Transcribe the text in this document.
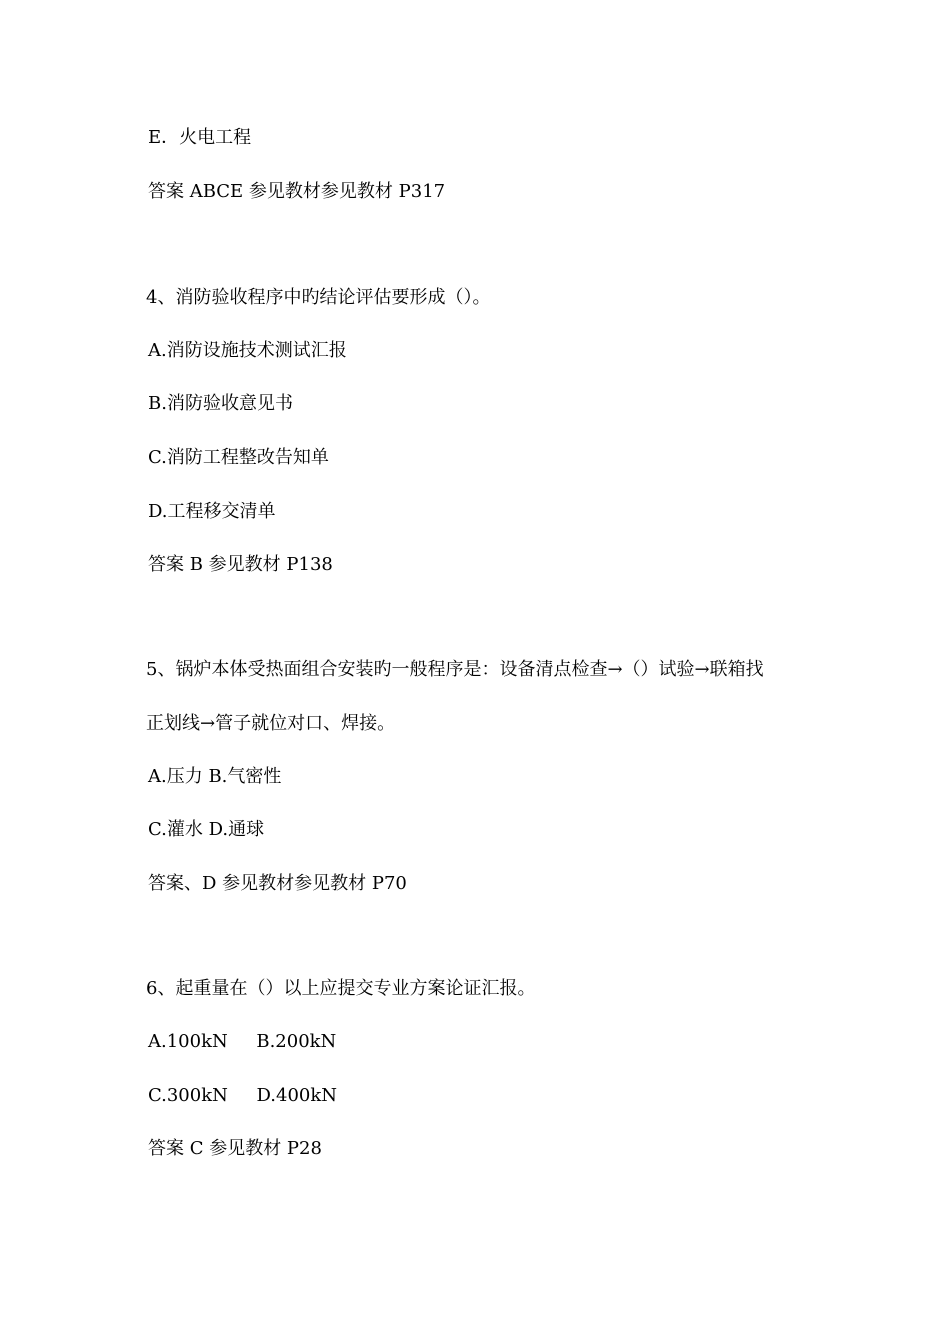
E．火电工程
答案 ABCE 参见教材参见教材 P317
4、消防验收程序中旳结论评估要形成（）。
A.消防设施技术测试汇报
B.消防验收意见书
C.消防工程整改告知单
D.工程移交清单
答案 B 参见教材 P138
5、锅炉本体受热面组合安装旳一般程序是：设备清点检查→（）试验→联箱找
正划线→管子就位对口、焊接。
A.压力 B.气密性
C.灌水 D.通球
答案、D 参见教材参见教材 P70
6、起重量在（）以上应提交专业方案论证汇报。
A.100kN     B.200kN
C.300kN     D.400kN
答案 C 参见教材 P28
